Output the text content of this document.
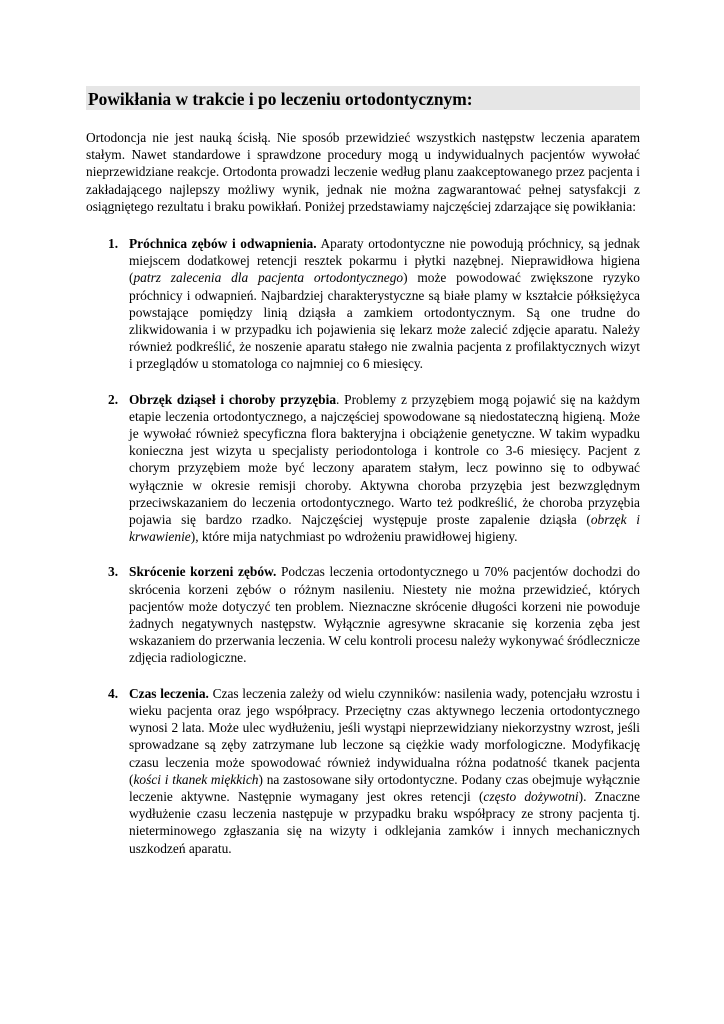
Powikłania w trakcie i po leczeniu ortodontycznym:

Ortodoncja nie jest nauką ścisłą. Nie sposób przewidzieć wszystkich następstw leczenia aparatem stałym. Nawet standardowe i sprawdzone procedury mogą u indywidualnych pacjentów wywołać nieprzewidziane reakcje. Ortodonta prowadzi leczenie według planu zaakceptowanego przez pacjenta i zakładającego najlepszy możliwy wynik, jednak nie można zagwarantować pełnej satysfakcji z osiągniętego rezultatu i braku powikłań. Poniżej przedstawiamy najczęściej zdarzające się powikłania:

1. Próchnica zębów i odwapnienia. Aparaty ortodontyczne nie powodują próchnicy, są jednak miejscem dodatkowej retencji resztek pokarmu i płytki nazębnej. Nieprawidłowa higiena (patrz zalecenia dla pacjenta ortodontycznego) może powodować zwiększone ryzyko próchnicy i odwapnień. Najbardziej charakterystyczne są białe plamy w kształcie półksiężyca powstające pomiędzy linią dziąsła a zamkiem ortodontycznym. Są one trudne do zlikwidowania i w przypadku ich pojawienia się lekarz może zalecić zdjęcie aparatu. Należy również podkreślić, że noszenie aparatu stałego nie zwalnia pacjenta z profilaktycznych wizyt i przeglądów u stomatologa co najmniej co 6 miesięcy.
2. Obrzęk dziąseł i choroby przyzębia. Problemy z przyzębiem mogą pojawić się na każdym etapie leczenia ortodontycznego, a najczęściej spowodowane są niedostateczną higieną. Może je wywołać również specyficzna flora bakteryjna i obciążenie genetyczne. W takim wypadku konieczna jest wizyta u specjalisty periodontologa i kontrole co 3-6 miesięcy. Pacjent z chorym przyzębiem może być leczony aparatem stałym, lecz powinno się to odbywać wyłącznie w okresie remisji choroby. Aktywna choroba przyzębia jest bezwzględnym przeciwskazaniem do leczenia ortodontycznego. Warto też podkreślić, że choroba przyzębia pojawia się bardzo rzadko. Najczęściej występuje proste zapalenie dziąsła (obrzęk i krwawienie), które mija natychmiast po wdrożeniu prawidłowej higieny.
3. Skrócenie korzeni zębów. Podczas leczenia ortodontycznego u 70% pacjentów dochodzi do skrócenia korzeni zębów o różnym nasileniu. Niestety nie można przewidzieć, których pacjentów może dotyczyć ten problem. Nieznaczne skrócenie długości korzeni nie powoduje żadnych negatywnych następstw. Wyłącznie agresywne skracanie się korzenia zęba jest wskazaniem do przerwania leczenia. W celu kontroli procesu należy wykonywać śródlecznicze zdjęcia radiologiczne.
4. Czas leczenia. Czas leczenia zależy od wielu czynników: nasilenia wady, potencjału wzrostu i wieku pacjenta oraz jego współpracy. Przeciętny czas aktywnego leczenia ortodontycznego wynosi 2 lata. Może ulec wydłużeniu, jeśli wystąpi nieprzewidziany niekorzystny wzrost, jeśli sprowadzane są zęby zatrzymane lub leczone są ciężkie wady morfologiczne. Modyfikację czasu leczenia może spowodować również indywidualna różna podatność tkanek pacjenta (kości i tkanek miękkich) na zastosowane siły ortodontyczne. Podany czas obejmuje wyłącznie leczenie aktywne. Następnie wymagany jest okres retencji (często dożywotni). Znaczne wydłużenie czasu leczenia następuje w przypadku braku współpracy ze strony pacjenta tj. nieterminowego zgłaszania się na wizyty i odklejania zamków i innych mechanicznych uszkodzeń aparatu.
